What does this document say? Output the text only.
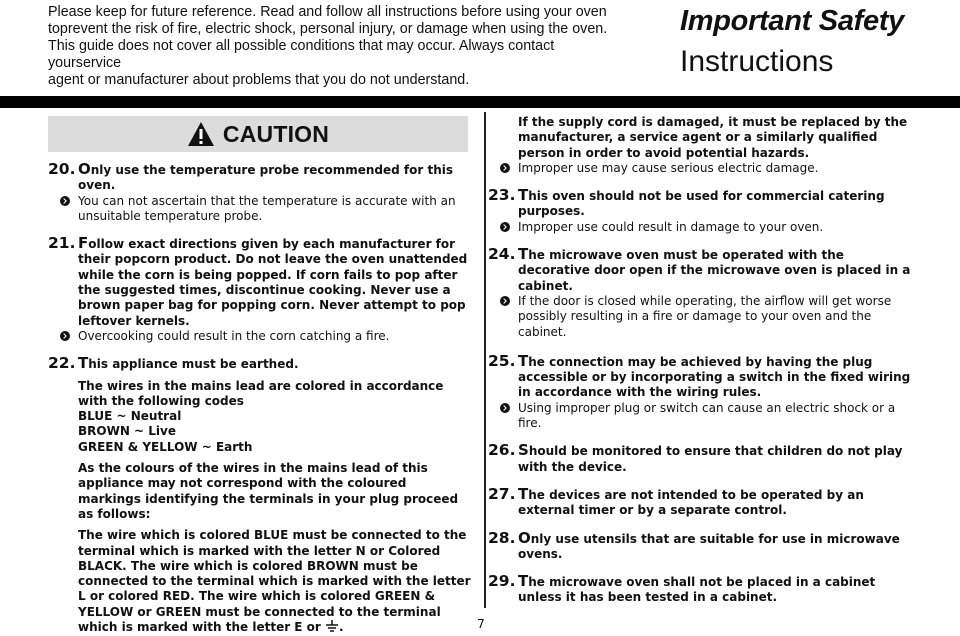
Please keep for future reference. Read and follow all instructions before using your oven

toprevent the risk of fire, electric shock, personal injury, or damage when using the oven.

This guide does not cover all possible conditions that may occur. Always contact yourservice

agent or manufacturer about problems that you do not understand.

Important Safety
Instructions
CAUTION
20. Only use the temperature probe recommended for this oven.
You can not ascertain that the temperature is accurate with an unsuitable temperature probe.
21. Follow exact directions given by each manufacturer for their popcorn product. Do not leave the oven unattended while the corn is being popped. If corn fails to pop after the suggested times, discontinue cooking. Never use a brown paper bag for popping corn. Never attempt to pop leftover kernels.
Overcooking could result in the corn catching a fire.
22. This appliance must be earthed.

The wires in the mains lead are colored in accordance with the following codes

BLUE ~ Neutral

BROWN ~ Live

GREEN & YELLOW ~ Earth

As the colours of the wires in the mains lead of this appliance may not correspond with the coloured markings identifying the terminals in your plug proceed as follows:

The wire which is colored BLUE must be connected to the terminal which is marked with the letter N or Colored BLACK. The wire which is colored BROWN must be connected to the terminal which is marked with the letter L or colored RED. The wire which is colored GREEN & YELLOW or GREEN must be connected to the terminal which is marked with the letter E or .

If the supply cord is damaged, it must be replaced by the manufacturer, a service agent or a similarly qualified person in order to avoid potential hazards.
Improper use may cause serious electric damage.
23. This oven should not be used for commercial catering purposes.
Improper use could result in damage to your oven.
24. The microwave oven must be operated with the decorative door open if the microwave oven is placed in a cabinet.
If the door is closed while operating, the airflow will get worse possibly resulting in a fire or damage to your oven and the cabinet.
25. The connection may be achieved by having the plug accessible or by incorporating a switch in the fixed wiring in accordance with the wiring rules.
Using improper plug or switch can cause an electric shock or a fire.
26. Should be monitored to ensure that children do not play with the device.
27. The devices are not intended to be operated by an external timer or by a separate control.
28. Only use utensils that are suitable for use in microwave ovens.
29. The microwave oven shall not be placed in a cabinet unless it has been tested in a cabinet.
7
